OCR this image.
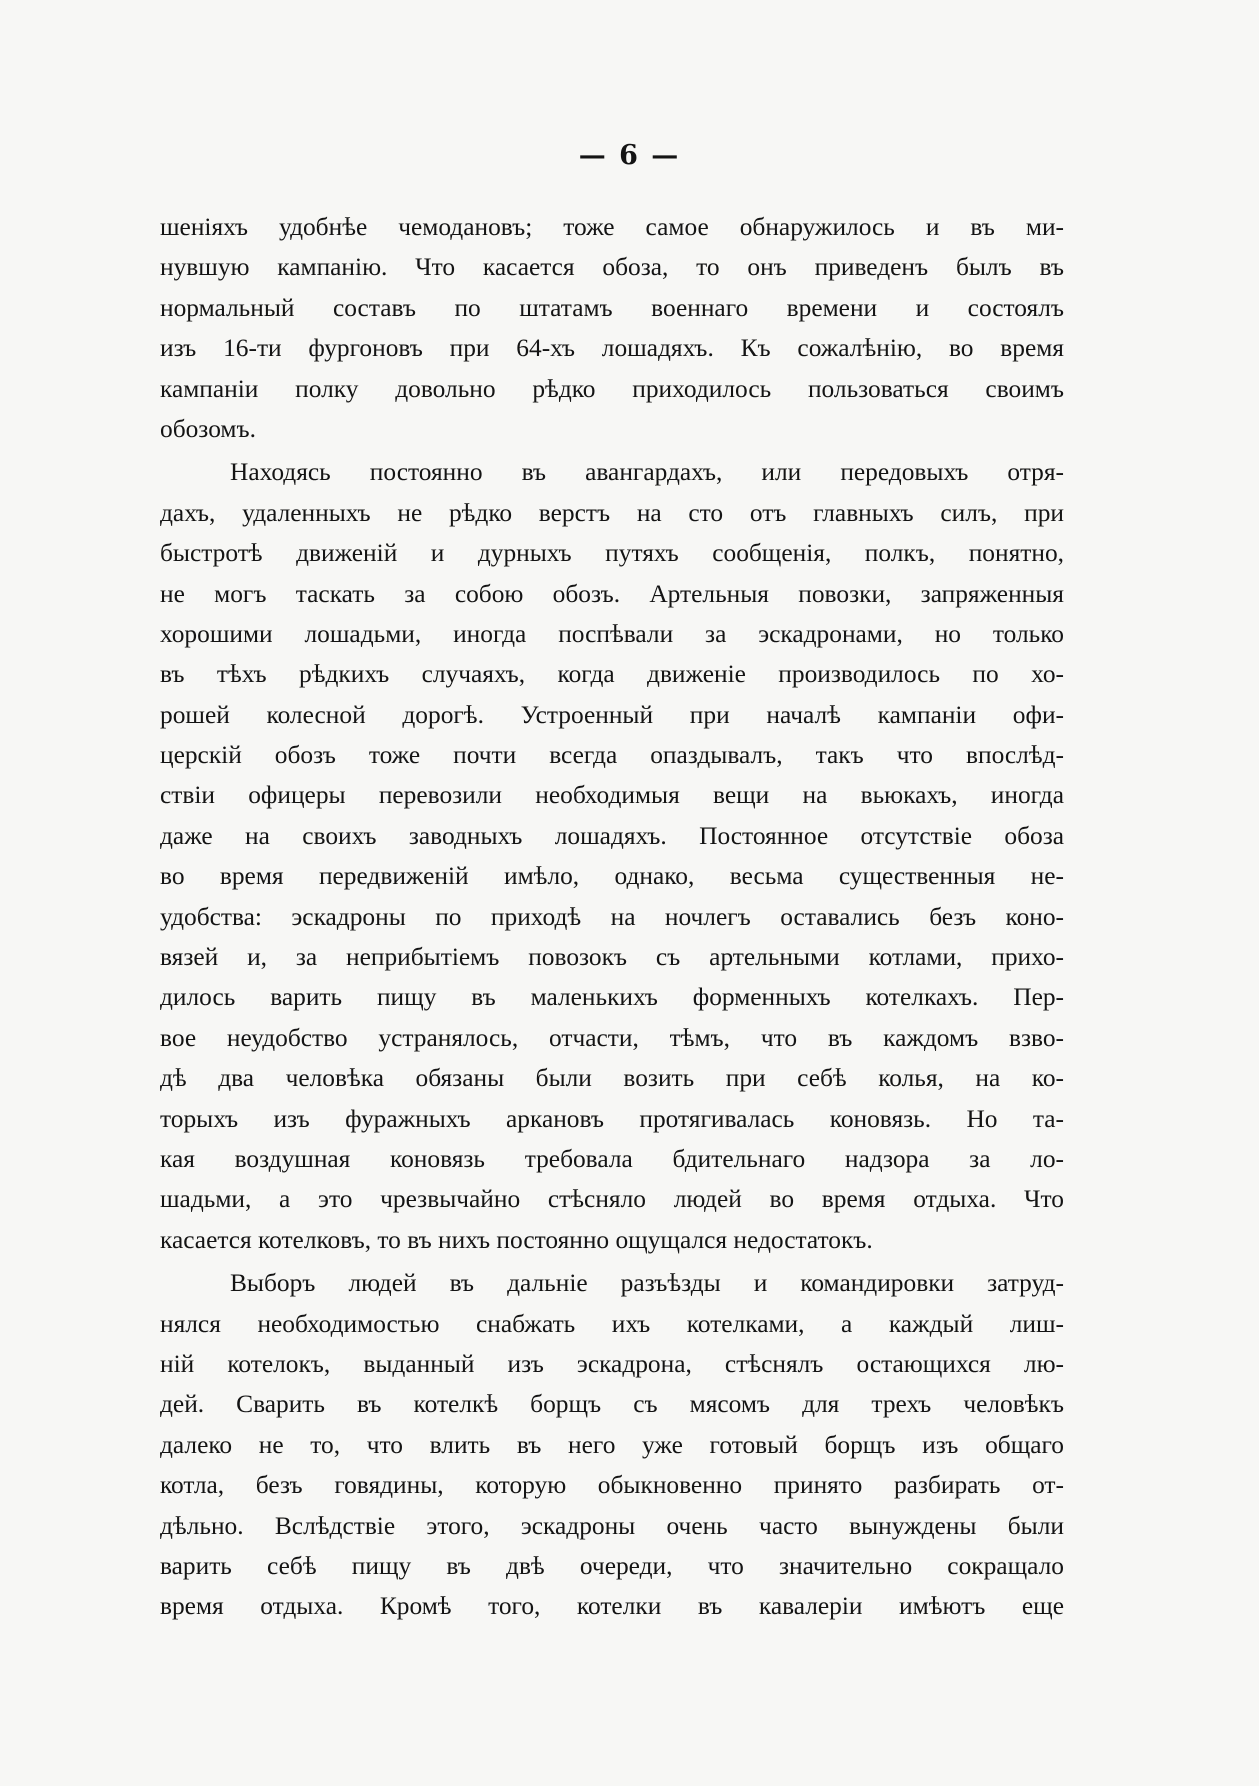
— 6 —
шеніяхъ удобнѣе чемодановъ; тоже самое обнаружилось и въ ми-
нувшую кампанію. Что касается обоза, то онъ приведенъ былъ въ
нормальный составъ по штатамъ военнаго времени и состоялъ
изъ 16-ти фургоновъ при 64-хъ лошадяхъ. Къ сожалѣнію, во время
кампаніи полку довольно рѣдко приходилось пользоваться своимъ
обозомъ.
Находясь постоянно въ авангардахъ, или передовыхъ отря-
дахъ, удаленныхъ не рѣдко верстъ на сто отъ главныхъ силъ, при
быстротѣ движеній и дурныхъ путяхъ сообщенія, полкъ, понятно,
не могъ таскать за собою обозъ. Артельныя повозки, запряженныя
хорошими лошадьми, иногда поспѣвали за эскадронами, но только
въ тѣхъ рѣдкихъ случаяхъ, когда движеніе производилось по хо-
рошей колесной дорогѣ. Устроенный при началѣ кампаніи офи-
церскій обозъ тоже почти всегда опаздывалъ, такъ что впослѣд-
ствіи офицеры перевозили необходимыя вещи на вьюкахъ, иногда
даже на своихъ заводныхъ лошадяхъ. Постоянное отсутствіе обоза
во время передвиженій имѣло, однако, весьма существенныя не-
удобства: эскадроны по приходѣ на ночлегъ оставались безъ коно-
вязей и, за неприбытіемъ повозокъ съ артельными котлами, прихо-
дилось варить пищу въ маленькихъ форменныхъ котелкахъ. Пер-
вое неудобство устранялось, отчасти, тѣмъ, что въ каждомъ взво-
дѣ два человѣка обязаны были возить при себѣ колья, на ко-
торыхъ изъ фуражныхъ аркановъ протягивалась коновязь. Но та-
кая воздушная коновязь требовала бдительнаго надзора за ло-
шадьми, а это чрезвычайно стѣсняло людей во время отдыха. Что
касается котелковъ, то въ нихъ постоянно ощущался недостатокъ.
Выборъ людей въ дальніе разъѣзды и командировки затруд-
нялся необходимостью снабжать ихъ котелками, а каждый лиш-
ній котелокъ, выданный изъ эскадрона, стѣснялъ остающихся лю-
дей. Сварить въ котелкѣ борщъ съ мясомъ для трехъ человѣкъ
далеко не то, что влить въ него уже готовый борщъ изъ общаго
котла, безъ говядины, которую обыкновенно принято разбирать от-
дѣльно. Вслѣдствіе этого, эскадроны очень часто вынуждены были
варить себѣ пищу въ двѣ очереди, что значительно сокращало
время отдыха. Кромѣ того, котелки въ кавалеріи имѣютъ еще
